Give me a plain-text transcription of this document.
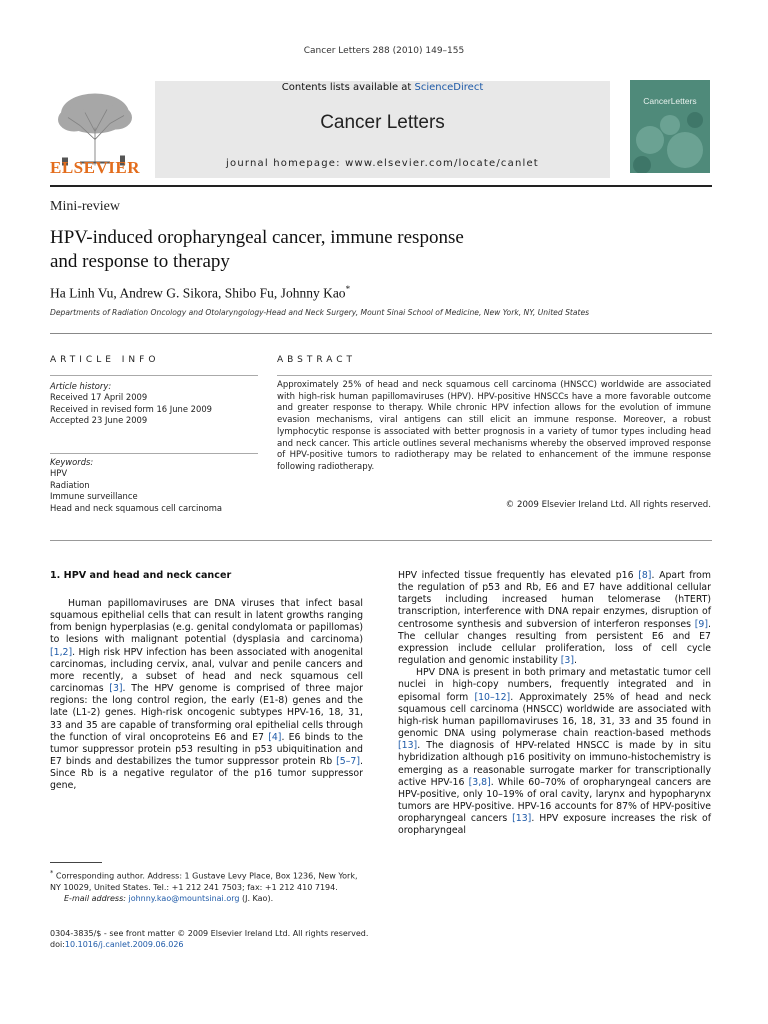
Cancer Letters 288 (2010) 149–155
ELSEVIER
Contents lists available at ScienceDirect
Cancer Letters
journal homepage: www.elsevier.com/locate/canlet
CancerLetters
Mini-review
HPV-induced oropharyngeal cancer, immune response
and response to therapy
Ha Linh Vu, Andrew G. Sikora, Shibo Fu, Johnny Kao*
Departments of Radiation Oncology and Otolaryngology-Head and Neck Surgery, Mount Sinai School of Medicine, New York, NY, United States
ARTICLE INFO	ABSTRACT
Article history:
Received 17 April 2009
Received in revised form 16 June 2009
Accepted 23 June 2009
Keywords:
HPV
Radiation
Immune surveillance
Head and neck squamous cell carcinoma
Approximately 25% of head and neck squamous cell carcinoma (HNSCC) worldwide are associated with high-risk human papillomaviruses (HPV). HPV-positive HNSCCs have a more favorable outcome and greater response to therapy. While chronic HPV infection allows for the evolution of immune evasion mechanisms, viral antigens can still elicit an immune response. Moreover, a robust lymphocytic response is associated with better prognosis in a variety of tumor types including head and neck cancer. This article outlines several mechanisms whereby the observed improved response of HPV-positive tumors to radiotherapy may be related to enhancement of the immune response following radiotherapy.
© 2009 Elsevier Ireland Ltd. All rights reserved.
1. HPV and head and neck cancer

Human papillomaviruses are DNA viruses that infect basal squamous epithelial cells that can result in latent growths ranging from benign hyperplasias (e.g. genital condylomata or papillomas) to lesions with malignant potential (dysplasia and carcinoma) [1,2]. High risk HPV infection has been associated with anogenital carcinomas, including cervix, anal, vulvar and penile cancers and more recently, a subset of head and neck squamous cell carcinomas [3]. The HPV genome is comprised of three major regions: the long control region, the early (E1-8) genes and the late (L1-2) genes. High-risk oncogenic subtypes HPV-16, 18, 31, 33 and 35 are capable of transforming oral epithelial cells through the function of viral oncoproteins E6 and E7 [4]. E6 binds to the tumor suppressor protein p53 resulting in p53 ubiquitination and E7 binds and destabilizes the tumor suppressor protein Rb [5–7]. Since Rb is a negative regulator of the p16 tumor suppressor gene,

HPV infected tissue frequently has elevated p16 [8]. Apart from the regulation of p53 and Rb, E6 and E7 have additional cellular targets including increased human telomerase (hTERT) transcription, interference with DNA repair enzymes, disruption of centrosome synthesis and subversion of interferon responses [9]. The cellular changes resulting from persistent E6 and E7 expression include cellular proliferation, loss of cell cycle regulation and genomic instability [3].

HPV DNA is present in both primary and metastatic tumor cell nuclei in high-copy numbers, frequently integrated and in episomal form [10–12]. Approximately 25% of head and neck squamous cell carcinoma (HNSCC) worldwide are associated with high-risk human papillomaviruses 16, 18, 31, 33 and 35 found in genomic DNA using polymerase chain reaction-based methods [13]. The diagnosis of HPV-related HNSCC is made by in situ hybridization although p16 positivity on immuno-histochemistry is emerging as a reasonable surrogate marker for transcriptionally active HPV-16 [3,8]. While 60–70% of oropharyngeal cancers are HPV-positive, only 10–19% of oral cavity, larynx and hypopharynx tumors are HPV-positive. HPV-16 accounts for 87% of HPV-positive oropharyngeal cancers [13]. HPV exposure increases the risk of oropharyngeal

* Corresponding author. Address: 1 Gustave Levy Place, Box 1236, New York, NY 10029, United States. Tel.: +1 212 241 7503; fax: +1 212 410 7194.
E-mail address: johnny.kao@mountsinai.org (J. Kao).
0304-3835/$ - see front matter © 2009 Elsevier Ireland Ltd. All rights reserved.
doi:10.1016/j.canlet.2009.06.026
